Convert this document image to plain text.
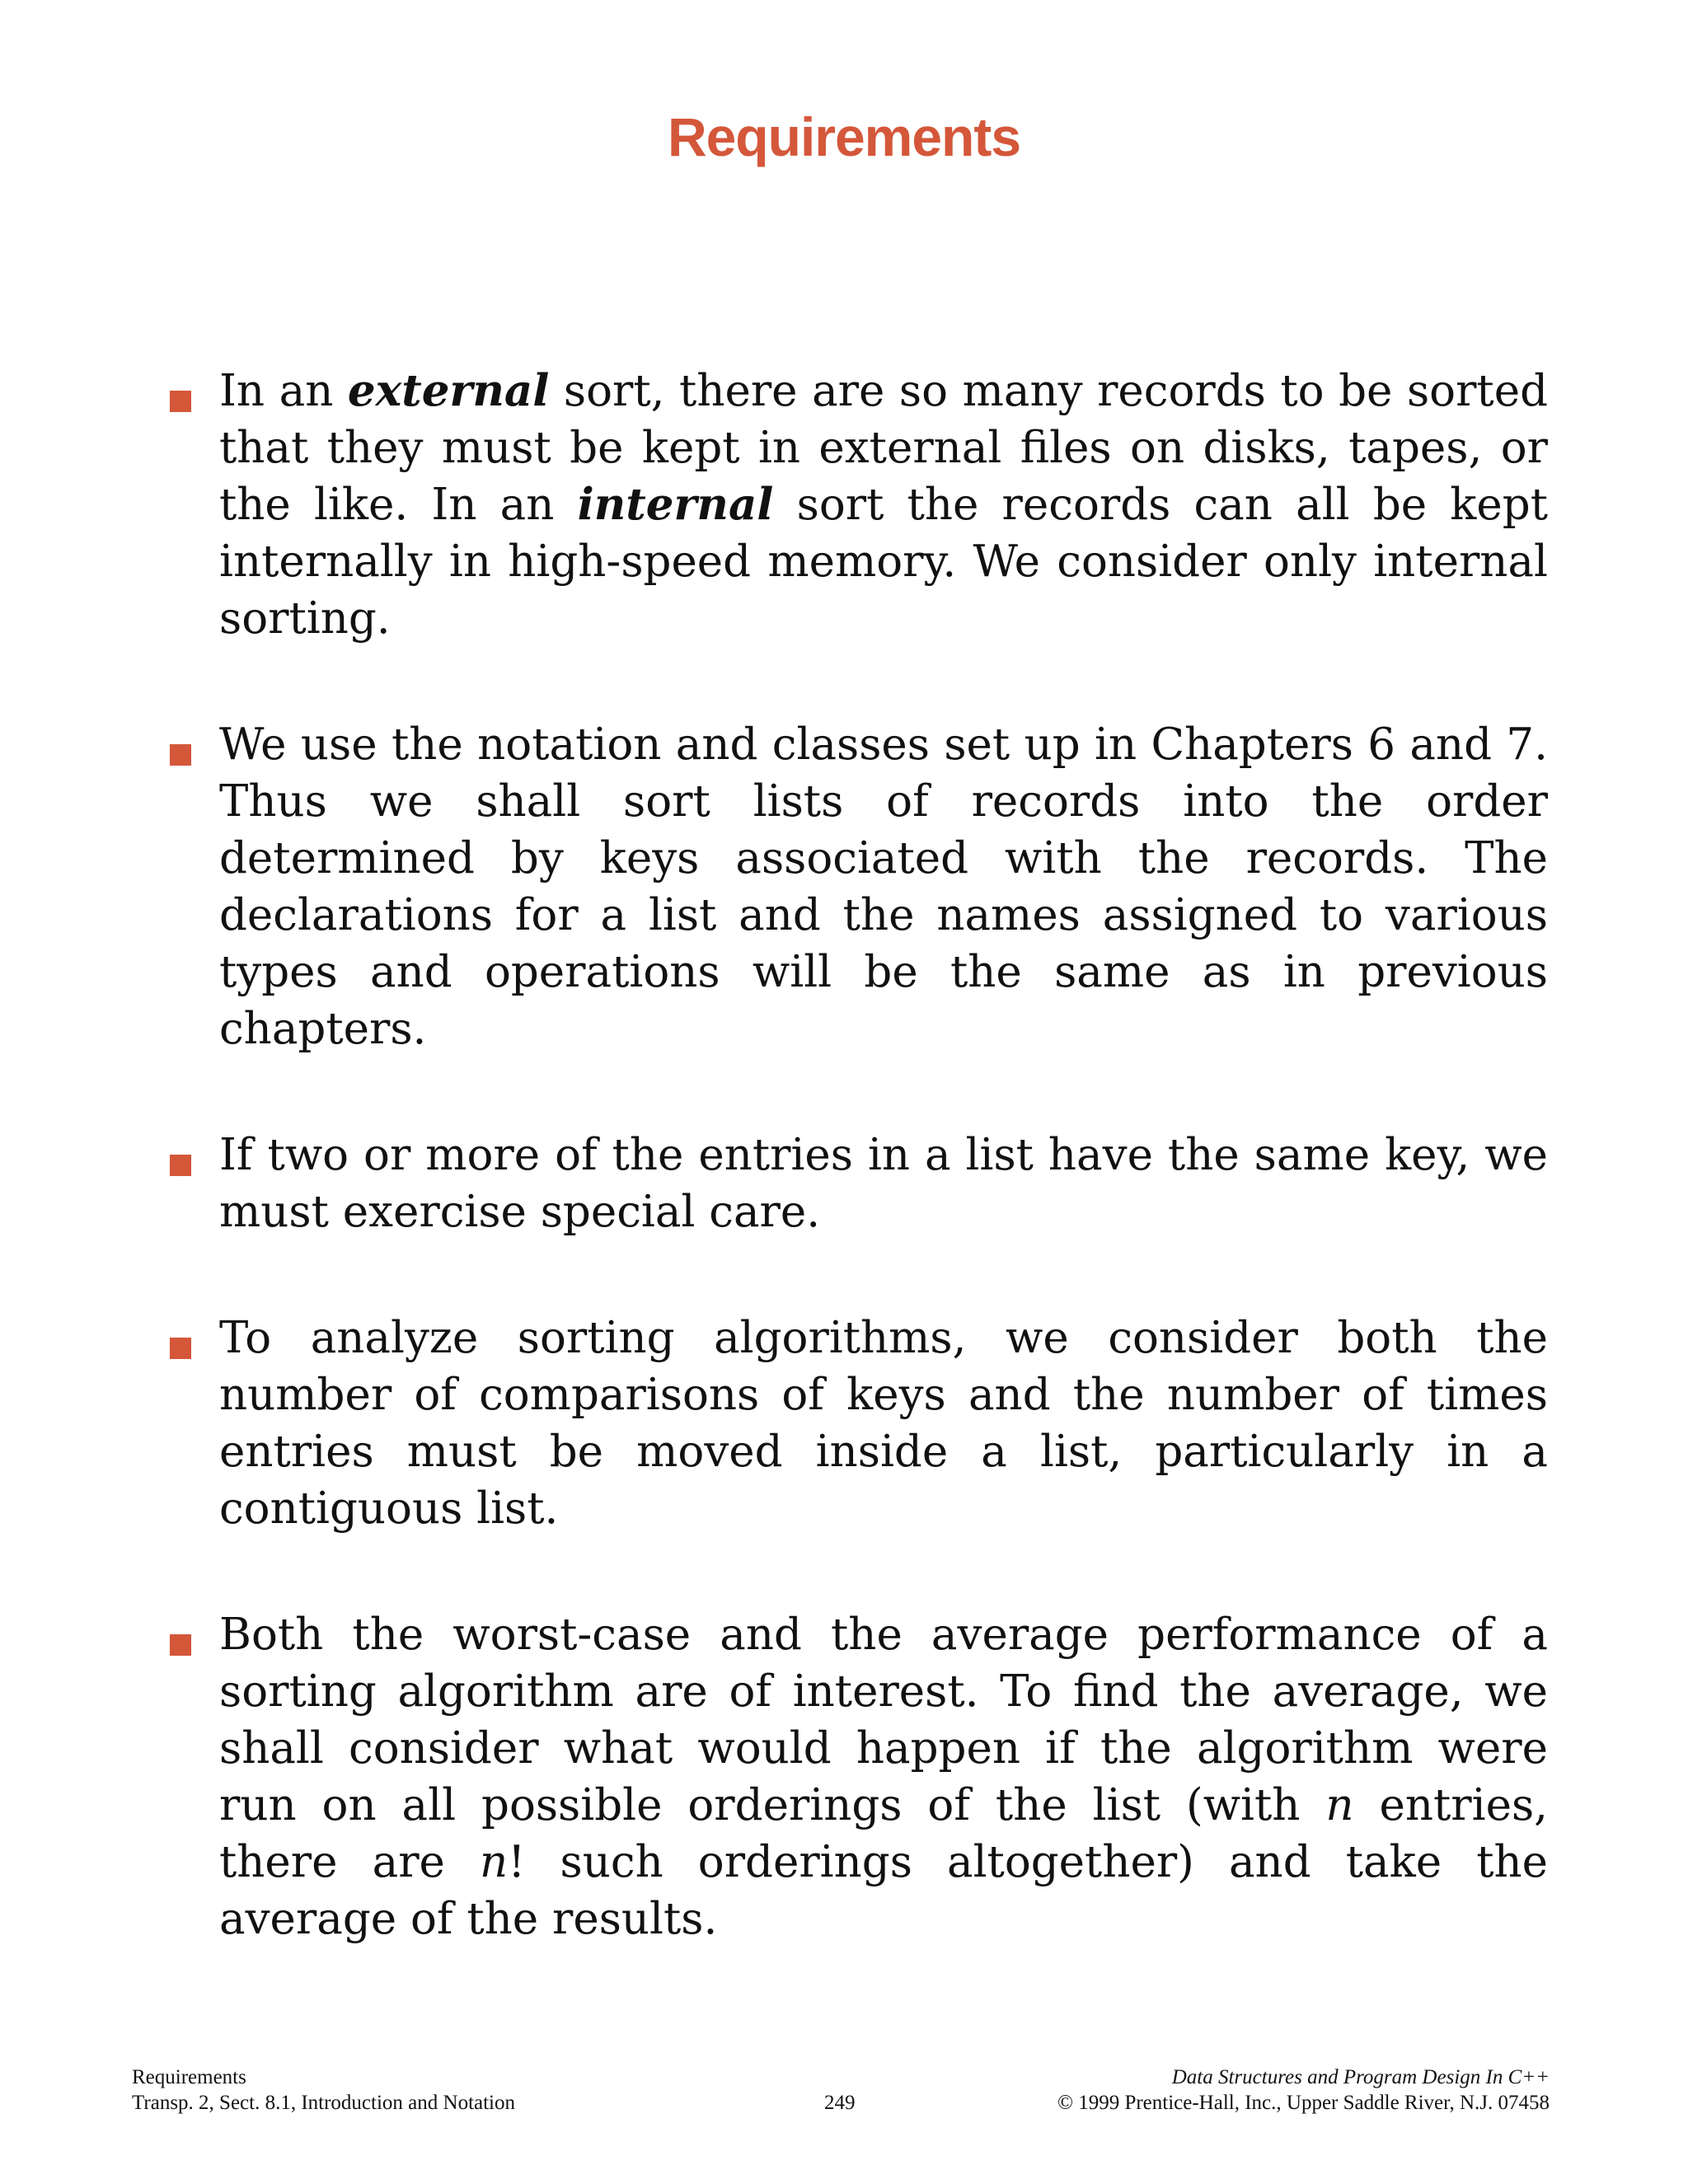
Requirements

In an external sort, there are so many records to be sorted that they must be kept in external files on disks, tapes, or the like. In an internal sort the records can all be kept internally in high-speed memory. We consider only internal sorting.

We use the notation and classes set up in Chapters 6 and 7. Thus we shall sort lists of records into the order determined by keys associated with the records. The declarations for a list and the names assigned to various types and operations will be the same as in previous chapters.

If two or more of the entries in a list have the same key, we must exercise special care.

To analyze sorting algorithms, we consider both the number of comparisons of keys and the number of times entries must be moved inside a list, particularly in a contiguous list.

Both the worst-case and the average performance of a sorting algorithm are of interest. To find the average, we shall consider what would happen if the algorithm were run on all possible orderings of the list (with n entries, there are n! such orderings altogether) and take the average of the results.

Requirements
Transp. 2, Sect. 8.1, Introduction and Notation	249
Data Structures and Program Design In C++
© 1999 Prentice-Hall, Inc., Upper Saddle River, N.J. 07458
